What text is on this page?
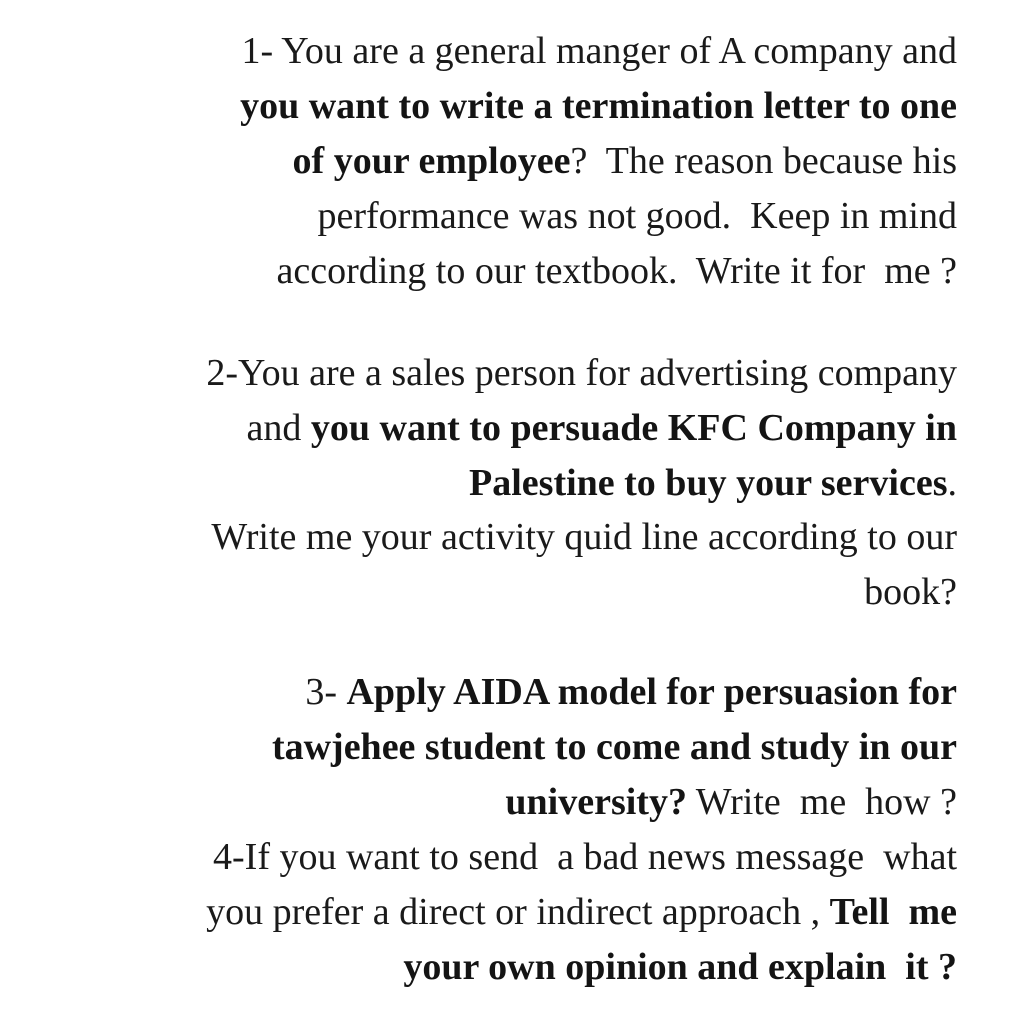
1- You are a general manger of A company and

you want to write a termination letter to one

of your employee?  The reason because his

performance was not good.  Keep in mind

according to our textbook.  Write it for  me ?

2-You are a sales person for advertising company

and you want to persuade KFC Company in

Palestine to buy your services.

Write me your activity quid line according to our

book?

3- Apply AIDA model for persuasion for

tawjehee student to come and study in our

university? Write  me  how ?

4-If you want to send  a bad news message  what

you prefer a direct or indirect approach , Tell  me

your own opinion and explain  it ?
